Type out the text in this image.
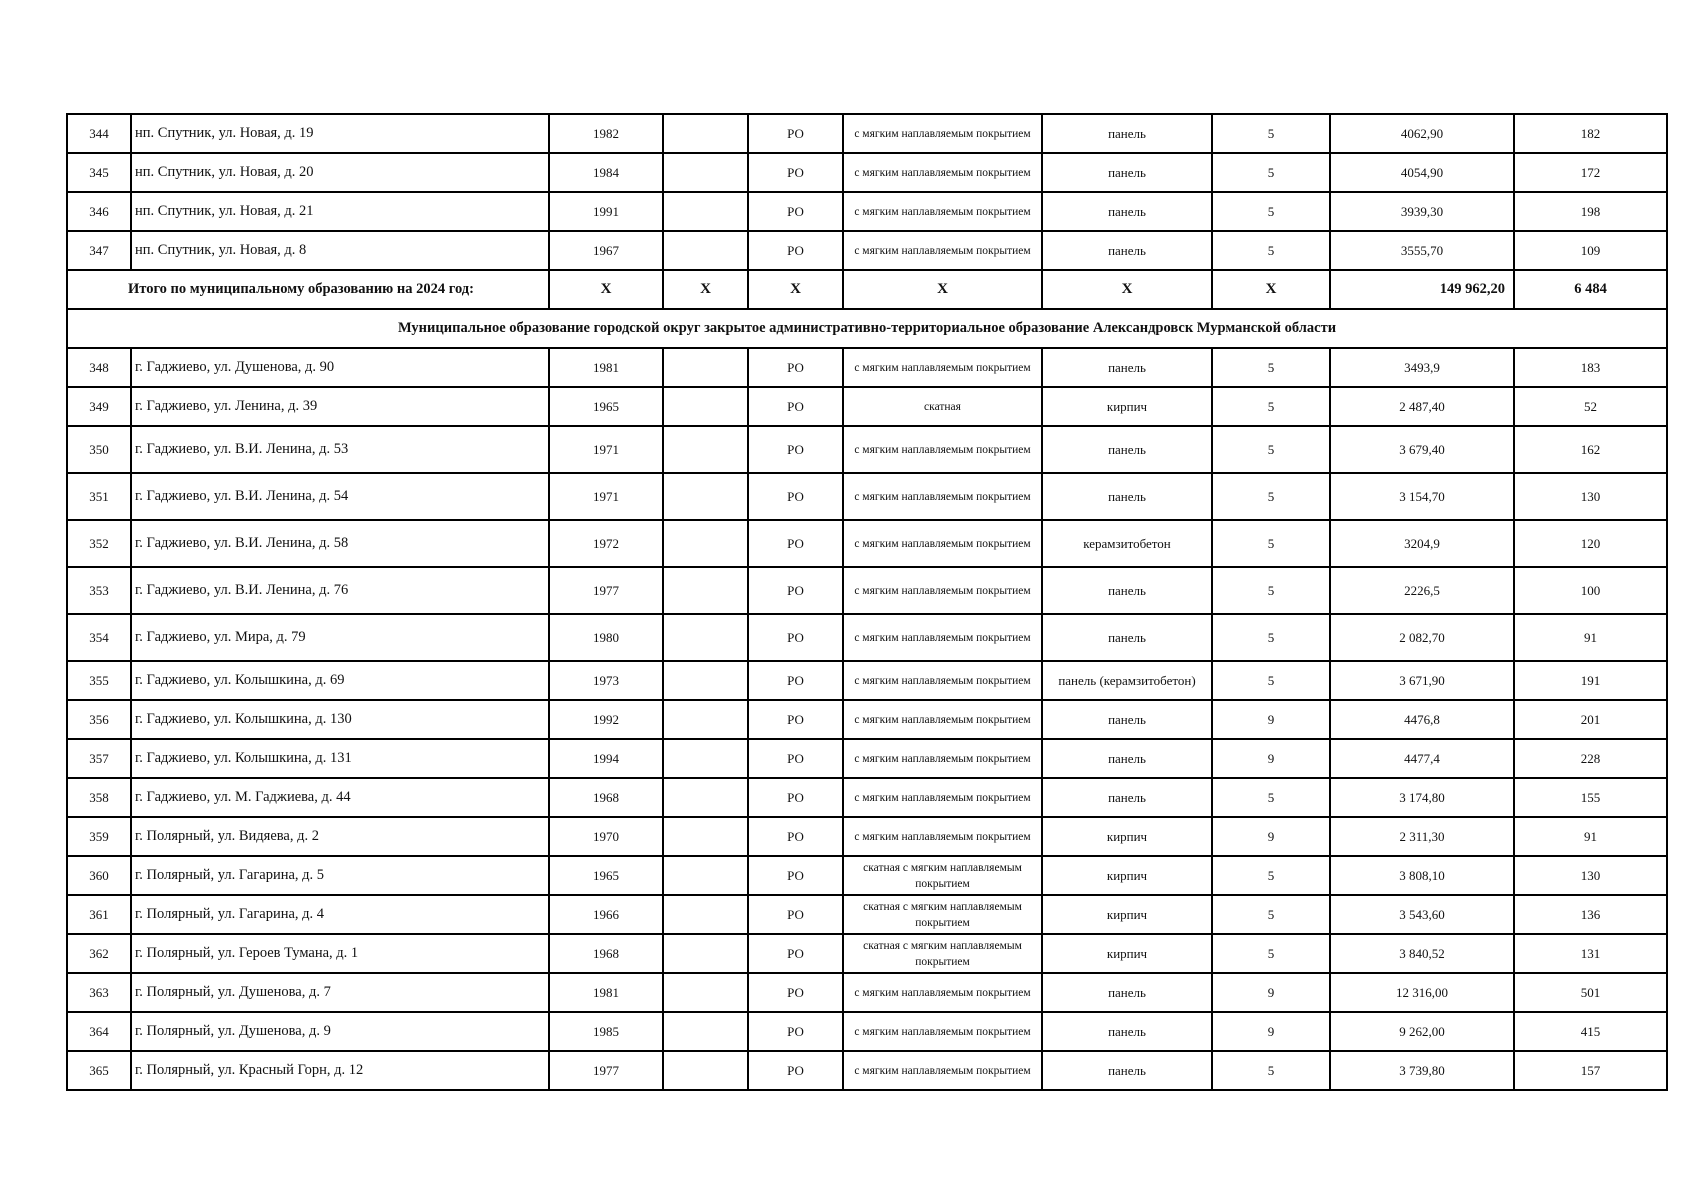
344	нп. Спутник, ул. Новая, д. 19	1982		РО	с мягким наплавляемым покрытием	панель	5	4062,90	182
345	нп. Спутник, ул. Новая, д. 20	1984		РО	с мягким наплавляемым покрытием	панель	5	4054,90	172
346	нп. Спутник, ул. Новая, д. 21	1991		РО	с мягким наплавляемым покрытием	панель	5	3939,30	198
347	нп. Спутник, ул. Новая, д. 8	1967		РО	с мягким наплавляемым покрытием	панель	5	3555,70	109
Итого по муниципальному образованию на 2024 год:		X	X	X	X	X	X	149 962,20	6 484
Муниципальное образование городской округ закрытое административно-территориальное образование Александровск Мурманской области									
348	г. Гаджиево, ул. Душенова, д. 90	1981		РО	с мягким наплавляемым покрытием	панель	5	3493,9	183
349	г. Гаджиево, ул. Ленина, д. 39	1965		РО	скатная	кирпич	5	2 487,40	52
350	г. Гаджиево, ул. В.И. Ленина, д. 53	1971		РО	с мягким наплавляемым покрытием	панель	5	3 679,40	162
351	г. Гаджиево, ул. В.И. Ленина, д. 54	1971		РО	с мягким наплавляемым покрытием	панель	5	3 154,70	130
352	г. Гаджиево, ул. В.И. Ленина, д. 58	1972		РО	с мягким наплавляемым покрытием	керамзитобетон	5	3204,9	120
353	г. Гаджиево, ул. В.И. Ленина, д. 76	1977		РО	с мягким наплавляемым покрытием	панель	5	2226,5	100
354	г. Гаджиево, ул. Мира, д. 79	1980		РО	с мягким наплавляемым покрытием	панель	5	2 082,70	91
355	г. Гаджиево, ул. Колышкина, д. 69	1973		РО	с мягким наплавляемым покрытием	панель (керамзитобетон)	5	3 671,90	191
356	г. Гаджиево, ул. Колышкина, д. 130	1992		РО	с мягким наплавляемым покрытием	панель	9	4476,8	201
357	г. Гаджиево, ул. Колышкина, д. 131	1994		РО	с мягким наплавляемым покрытием	панель	9	4477,4	228
358	г. Гаджиево, ул. М. Гаджиева, д. 44	1968		РО	с мягким наплавляемым покрытием	панель	5	3 174,80	155
359	г. Полярный, ул. Видяева, д. 2	1970		РО	с мягким наплавляемым покрытием	кирпич	9	2 311,30	91
360	г. Полярный, ул. Гагарина, д. 5	1965		РО	скатная с мягким наплавляемым покрытием	кирпич	5	3 808,10	130
361	г. Полярный, ул. Гагарина, д. 4	1966		РО	скатная с мягким наплавляемым покрытием	кирпич	5	3 543,60	136
362	г. Полярный, ул. Героев Тумана, д. 1	1968		РО	скатная с мягким наплавляемым покрытием	кирпич	5	3 840,52	131
363	г. Полярный, ул. Душенова, д. 7	1981		РО	с мягким наплавляемым покрытием	панель	9	12 316,00	501
364	г. Полярный, ул. Душенова, д. 9	1985		РО	с мягким наплавляемым покрытием	панель	9	9 262,00	415
365	г. Полярный, ул. Красный Горн, д. 12	1977		РО	с мягким наплавляемым покрытием	панель	5	3 739,80	157
